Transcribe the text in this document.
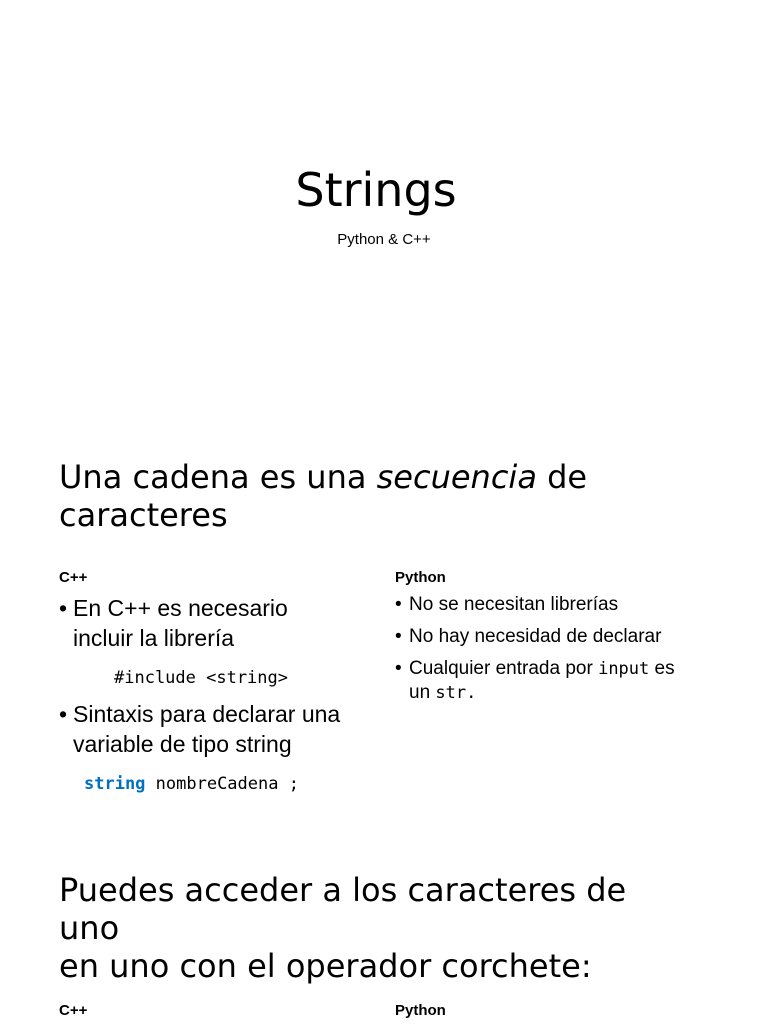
Strings
Python & C++
Una cadena es una secuencia de
caracteres
C++
• En C++ es necesario
incluir la librería
#include <string>
• Sintaxis para declarar una
variable de tipo string
string nombreCadena ;
Python
• No se necesitan librerías
• No hay necesidad de declarar
• Cualquier entrada por input es
un str.
Puedes acceder a los caracteres de
uno
en uno con el operador corchete:
C++	Python
